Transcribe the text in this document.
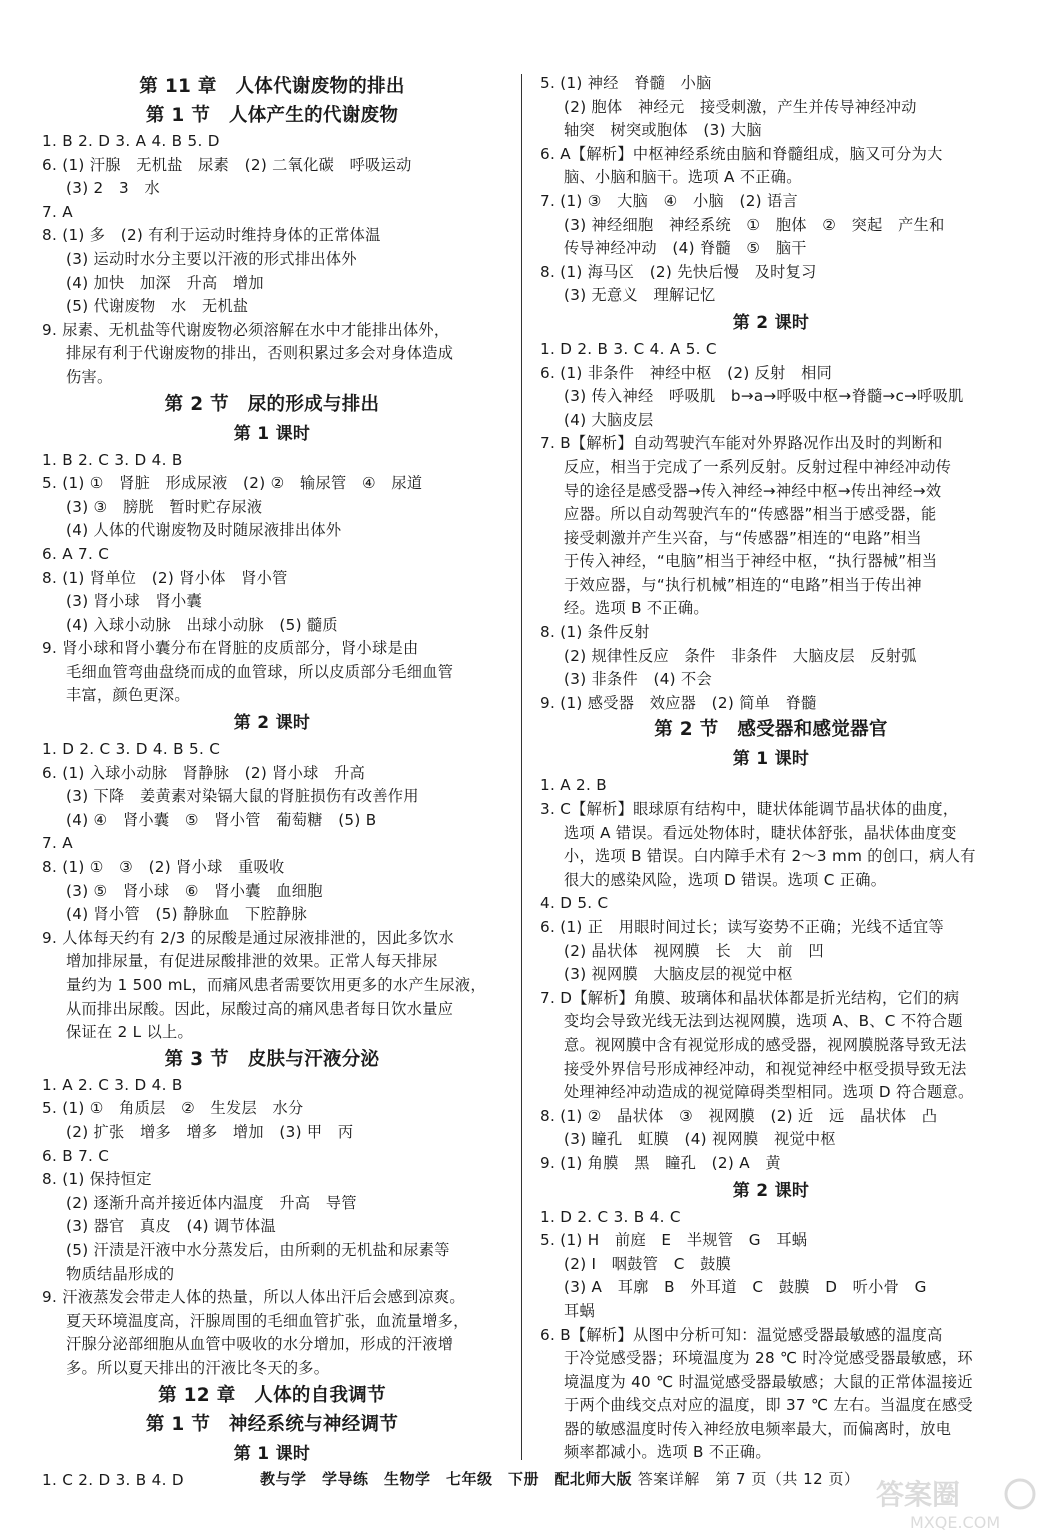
第 11 章　人体代谢废物的排出
第 1 节　人体产生的代谢废物
1. B 2. D 3. A 4. B 5. D
6. (1) 汗腺　无机盐　尿素　(2) 二氧化碳　呼吸运动
(3) 2　3　水
7. A
8. (1) 多　(2) 有利于运动时维持身体的正常体温
(3) 运动时水分主要以汗液的形式排出体外
(4) 加快　加深　升高　增加
(5) 代谢废物　水　无机盐
9. 尿素、无机盐等代谢废物必须溶解在水中才能排出体外，
排尿有利于代谢废物的排出，否则积累过多会对身体造成
伤害。
第 2 节　尿的形成与排出
第 1 课时
1. B 2. C 3. D 4. B
5. (1) ①　肾脏　形成尿液　(2) ②　输尿管　④　尿道
(3) ③　膀胱　暂时贮存尿液
(4) 人体的代谢废物及时随尿液排出体外
6. A 7. C
8. (1) 肾单位　(2) 肾小体　肾小管
(3) 肾小球　肾小囊
(4) 入球小动脉　出球小动脉　(5) 髓质
9. 肾小球和肾小囊分布在肾脏的皮质部分，肾小球是由
毛细血管弯曲盘绕而成的血管球，所以皮质部分毛细血管
丰富，颜色更深。
第 2 课时
1. D 2. C 3. D 4. B 5. C
6. (1) 入球小动脉　肾静脉　(2) 肾小球　升高
(3) 下降　姜黄素对染镉大鼠的肾脏损伤有改善作用
(4) ④　肾小囊　⑤　肾小管　葡萄糖　(5) B
7. A
8. (1) ①　③　(2) 肾小球　重吸收
(3) ⑤　肾小球　⑥　肾小囊　血细胞
(4) 肾小管　(5) 静脉血　下腔静脉
9. 人体每天约有 2/3 的尿酸是通过尿液排泄的，因此多饮水
增加排尿量，有促进尿酸排泄的效果。正常人每天排尿
量约为 1 500 mL，而痛风患者需要饮用更多的水产生尿液，
从而排出尿酸。因此，尿酸过高的痛风患者每日饮水量应
保证在 2 L 以上。
第 3 节　皮肤与汗液分泌
1. A 2. C 3. D 4. B
5. (1) ①　角质层　②　生发层　水分
(2) 扩张　增多　增多　增加　(3) 甲　丙
6. B 7. C
8. (1) 保持恒定
(2) 逐渐升高并接近体内温度　升高　导管
(3) 器官　真皮　(4) 调节体温
(5) 汗渍是汗液中水分蒸发后，由所剩的无机盐和尿素等
物质结晶形成的
9. 汗液蒸发会带走人体的热量，所以人体出汗后会感到凉爽。
夏天环境温度高，汗腺周围的毛细血管扩张，血流量增多，
汗腺分泌部细胞从血管中吸收的水分增加，形成的汗液增
多。所以夏天排出的汗液比冬天的多。
第 12 章　人体的自我调节
第 1 节　神经系统与神经调节
第 1 课时
1. C 2. D 3. B 4. D
5. (1) 神经　脊髓　小脑
(2) 胞体　神经元　接受刺激，产生并传导神经冲动
轴突　树突或胞体　(3) 大脑
6. A【解析】中枢神经系统由脑和脊髓组成，脑又可分为大
脑、小脑和脑干。选项 A 不正确。
7. (1) ③　大脑　④　小脑　(2) 语言
(3) 神经细胞　神经系统　①　胞体　②　突起　产生和
传导神经冲动　(4) 脊髓　⑤　脑干
8. (1) 海马区　(2) 先快后慢　及时复习
(3) 无意义　理解记忆
第 2 课时
1. D 2. B 3. C 4. A 5. C
6. (1) 非条件　神经中枢　(2) 反射　相同
(3) 传入神经　呼吸肌　b→a→呼吸中枢→脊髓→c→呼吸肌
(4) 大脑皮层
7. B【解析】自动驾驶汽车能对外界路况作出及时的判断和
反应，相当于完成了一系列反射。反射过程中神经冲动传
导的途径是感受器→传入神经→神经中枢→传出神经→效
应器。所以自动驾驶汽车的“传感器”相当于感受器，能
接受刺激并产生兴奋，与“传感器”相连的“电路”相当
于传入神经，“电脑”相当于神经中枢，“执行器械”相当
于效应器，与“执行机械”相连的“电路”相当于传出神
经。选项 B 不正确。
8. (1) 条件反射
(2) 规律性反应　条件　非条件　大脑皮层　反射弧
(3) 非条件　(4) 不会
9. (1) 感受器　效应器　(2) 简单　脊髓
第 2 节　感受器和感觉器官
第 1 课时
1. A 2. B
3. C【解析】眼球原有结构中，睫状体能调节晶状体的曲度，
选项 A 错误。看远处物体时，睫状体舒张，晶状体曲度变
小，选项 B 错误。白内障手术有 2～3 mm 的创口，病人有
很大的感染风险，选项 D 错误。选项 C 正确。
4. D 5. C
6. (1) 正　用眼时间过长；读写姿势不正确；光线不适宜等
(2) 晶状体　视网膜　长　大　前　凹
(3) 视网膜　大脑皮层的视觉中枢
7. D【解析】角膜、玻璃体和晶状体都是折光结构，它们的病
变均会导致光线无法到达视网膜，选项 A、B、C 不符合题
意。视网膜中含有视觉形成的感受器，视网膜脱落导致无法
接受外界信号形成神经冲动，和视觉神经中枢受损导致无法
处理神经冲动造成的视觉障碍类型相同。选项 D 符合题意。
8. (1) ②　晶状体　③　视网膜　(2) 近　远　晶状体　凸
(3) 瞳孔　虹膜　(4) 视网膜　视觉中枢
9. (1) 角膜　黑　瞳孔　(2) A　黄
第 2 课时
1. D 2. C 3. B 4. C
5. (1) H　前庭　E　半规管　G　耳蜗
(2) I　咽鼓管　C　鼓膜
(3) A　耳廓　B　外耳道　C　鼓膜　D　听小骨　G
耳蜗
6. B【解析】从图中分析可知：温觉感受器最敏感的温度高
于冷觉感受器；环境温度为 28 ℃ 时冷觉感受器最敏感，环
境温度为 40 ℃ 时温觉感受器最敏感；大鼠的正常体温接近
于两个曲线交点对应的温度，即 37 ℃ 左右。当温度在感受
器的敏感温度时传入神经放电频率最大，而偏离时，放电
频率都减小。选项 B 不正确。
教与学　学导练　生物学　七年级　下册　配北师大版 答案详解　第 7 页（共 12 页） 答案圈
MXQE.COM
